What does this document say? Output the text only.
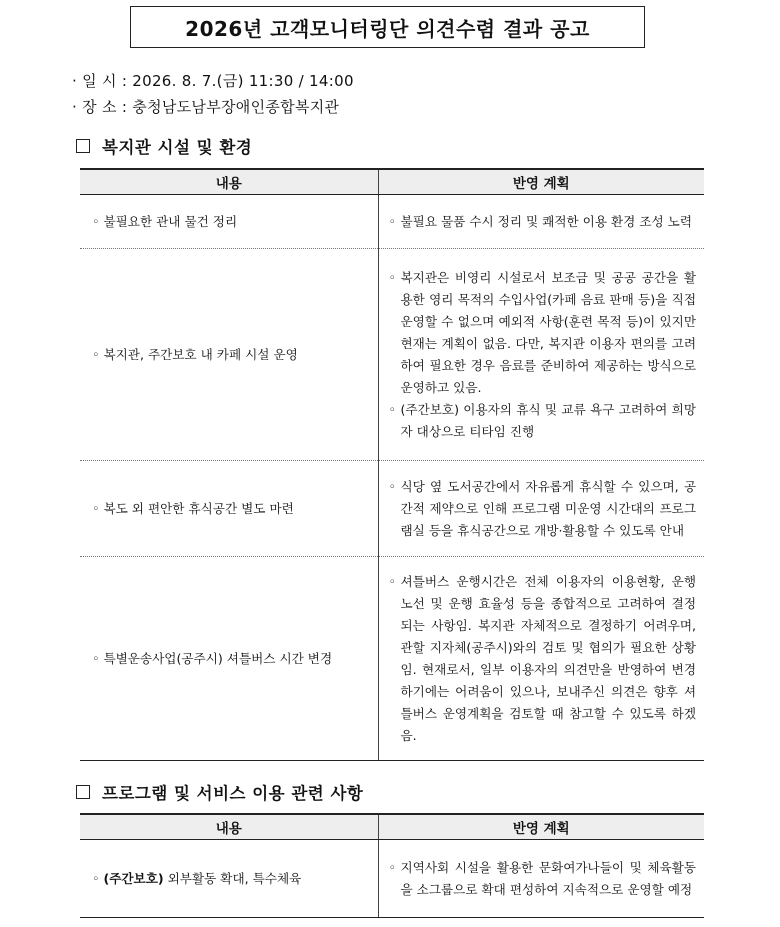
2026년 고객모니터링단 의견수렴 결과 공고
· 일 시 : 2026. 8. 7.(금) 11:30 / 14:00
· 장 소 : 충청남도남부장애인종합복지관
복지관 시설 및 환경
내용	반영 계획
◦ 불필요한 관내 물건 정리	◦ 불필요 물품 수시 정리 및 쾌적한 이용 환경 조성 노력

◦ 복지관, 주간보호 내 카페 시설 운영	◦ 복지관은 비영리 시설로서 보조금 및 공공 공간을 활용한 영리 목적의 수입사업(카페 음료 판매 등)을 직접 운영할 수 없으며 예외적 사항(훈련 목적 등)이 있지만 현재는 계획이 없음. 다만, 복지관 이용자 편의를 고려하여 필요한 경우 음료를 준비하여 제공하는 방식으로 운영하고 있음.
◦ (주간보호) 이용자의 휴식 및 교류 욕구 고려하여 희망자 대상으로 티타임 진행

◦ 복도 외 편안한 휴식공간 별도 마련	◦ 식당 옆 도서공간에서 자유롭게 휴식할 수 있으며, 공간적 제약으로 인해 프로그램 미운영 시간대의 프로그램실 등을 휴식공간으로 개방·활용할 수 있도록 안내

◦ 특별운송사업(공주시) 셔틀버스 시간 변경	◦ 셔틀버스 운행시간은 전체 이용자의 이용현황, 운행 노선 및 운행 효율성 등을 종합적으로 고려하여 결정되는 사항임. 복지관 자체적으로 결정하기 어려우며, 관할 지자체(공주시)와의 검토 및 협의가 필요한 상황임. 현재로서, 일부 이용자의 의견만을 반영하여 변경하기에는 어려움이 있으나, 보내주신 의견은 향후 셔틀버스 운영계획을 검토할 때 참고할 수 있도록 하겠음.
프로그램 및 서비스 이용 관련 사항
내용	반영 계획
◦ (주간보호) 외부활동 확대, 특수체육	◦ 지역사회 시설을 활용한 문화여가나들이 및 체육활동을 소그룹으로 확대 편성하여 지속적으로 운영할 예정
